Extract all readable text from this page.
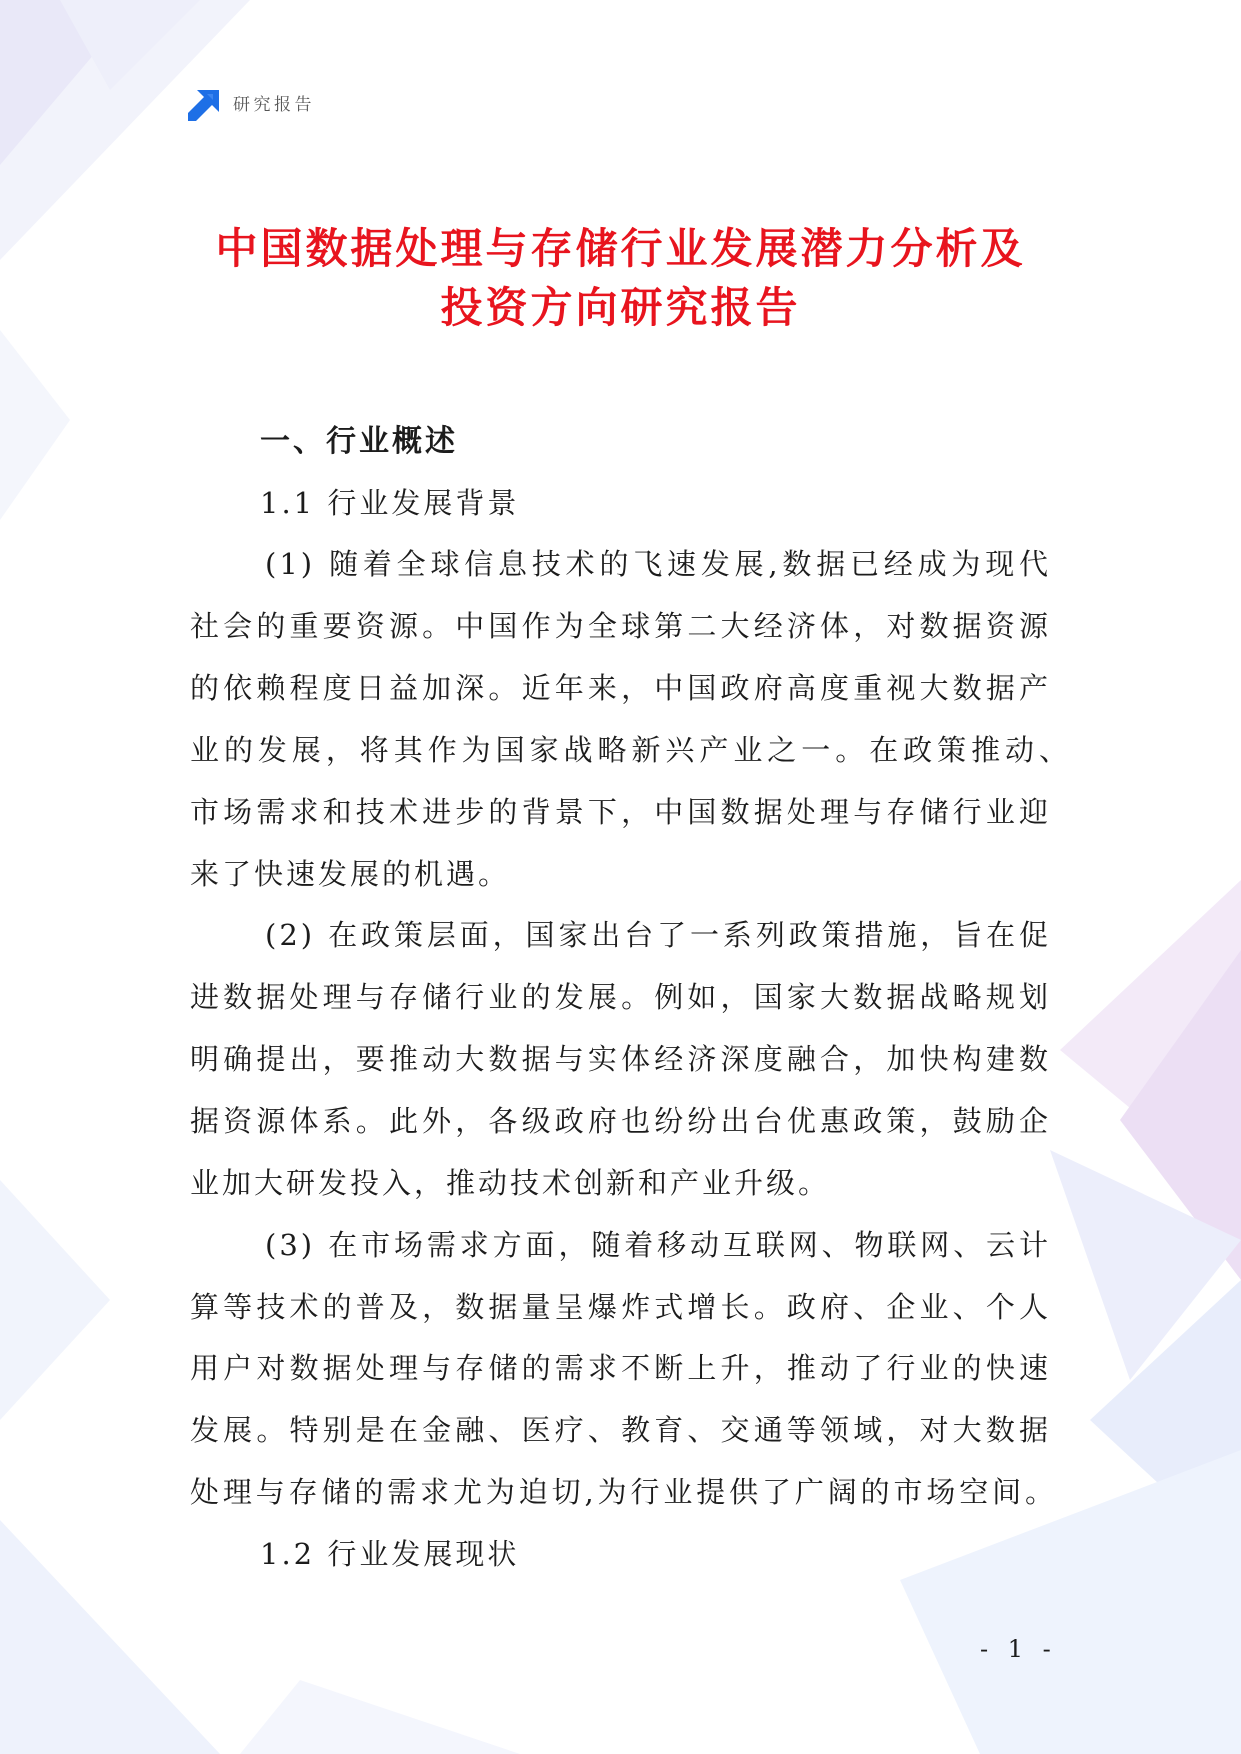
研究报告
中国数据处理与存储行业发展潜力分析及
投资方向研究报告
一、行业概述
1.1 行业发展背景
(1) 随着全球信息技术的飞速发展,数据已经成为现代
社会的重要资源。中国作为全球第二大经济体，对数据资源
的依赖程度日益加深。近年来，中国政府高度重视大数据产
业的发展，将其作为国家战略新兴产业之一。在政策推动、
市场需求和技术进步的背景下，中国数据处理与存储行业迎
来了快速发展的机遇。
(2) 在政策层面，国家出台了一系列政策措施，旨在促
进数据处理与存储行业的发展。例如，国家大数据战略规划
明确提出，要推动大数据与实体经济深度融合，加快构建数
据资源体系。此外，各级政府也纷纷出台优惠政策，鼓励企
业加大研发投入，推动技术创新和产业升级。
(3) 在市场需求方面，随着移动互联网、物联网、云计
算等技术的普及，数据量呈爆炸式增长。政府、企业、个人
用户对数据处理与存储的需求不断上升，推动了行业的快速
发展。特别是在金融、医疗、教育、交通等领域，对大数据
处理与存储的需求尤为迫切,为行业提供了广阔的市场空间。
1.2 行业发展现状
- 1 -
